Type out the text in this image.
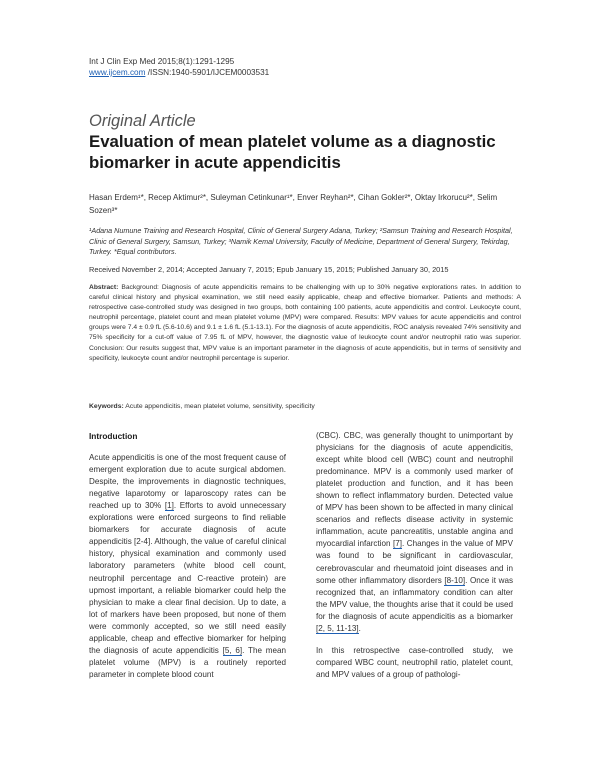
Int J Clin Exp Med 2015;8(1):1291-1295
www.ijcem.com /ISSN:1940-5901/IJCEM0003531
Original Article
Evaluation of mean platelet volume as a diagnostic biomarker in acute appendicitis
Hasan Erdem¹*, Recep Aktimur²*, Suleyman Cetinkunar¹*, Enver Reyhan²*, Cihan Gokler²*, Oktay Irkorucu²*, Selim Sozen³*
¹Adana Numune Training and Research Hospital, Clinic of General Surgery Adana, Turkey; ²Samsun Training and Research Hospital, Clinic of General Surgery, Samsun, Turkey; ³Namik Kemal University, Faculty of Medicine, Department of General Surgery, Tekirdag, Turkey. *Equal contributors.
Received November 2, 2014; Accepted January 7, 2015; Epub January 15, 2015; Published January 30, 2015
Abstract: Background: Diagnosis of acute appendicitis remains to be challenging with up to 30% negative explorations rates. In addition to careful clinical history and physical examination, we still need easily applicable, cheap and effective biomarker. Patients and methods: A retrospective case-controlled study was designed in two groups, both containing 100 patients, acute appendicitis and control. Leukocyte count, neutrophil percentage, platelet count and mean platelet volume (MPV) were compared. Results: MPV values for acute appendicitis and control groups were 7.4 ± 0.9 fL (5.6-10.6) and 9.1 ± 1.6 fL (5.1-13.1). For the diagnosis of acute appendicitis, ROC analysis revealed 74% sensitivity and 75% specificity for a cut-off value of 7.95 fL of MPV, however, the diagnostic value of leukocyte count and/or neutrophil ratio was superior. Conclusion: Our results suggest that, MPV value is an important parameter in the diagnosis of acute appendicitis, but in terms of sensitivity and specificity, leukocyte count and/or neutrophil percentage is superior.
Keywords: Acute appendicitis, mean platelet volume, sensitivity, specificity
Introduction

Acute appendicitis is one of the most frequent cause of emergent exploration due to acute surgical abdomen. Despite, the improvements in diagnostic techniques, negative laparotomy or laparoscopy rates can be reached up to 30% [1]. Efforts to avoid unnecessary explorations were enforced surgeons to find reliable biomarkers for accurate diagnosis of acute appendicitis [2-4]. Although, the value of careful clinical history, physical examination and commonly used laboratory parameters (white blood cell count, neutrophil percentage and C-reactive protein) are upmost important, a reliable biomarker could help the physician to make a clear final decision. Up to date, a lot of markers have been proposed, but none of them were commonly accepted, so we still need easily applicable, cheap and effective biomarker for helping the diagnosis of acute appendicitis [5, 6]. The mean platelet volume (MPV) is a routinely reported parameter in complete blood count

(CBC). CBC, was generally thought to unimportant by physicians for the diagnosis of acute appendicitis, except white blood cell (WBC) count and neutrophil predominance. MPV is a commonly used marker of platelet production and function, and it has been shown to reflect inflammatory burden. Detected value of MPV has been shown to be affected in many clinical scenarios and reflects disease activity in systemic inflammation, acute pancreatitis, unstable angina and myocardial infarction [7]. Changes in the value of MPV was found to be significant in cardiovascular, cerebrovascular and rheumatoid joint diseases and in some other inflammatory disorders [8-10]. Once it was recognized that, an inflammatory condition can alter the MPV value, the thoughts arise that it could be used for the diagnosis of acute appendicitis as a biomarker [2, 5, 11-13].

In this retrospective case-controlled study, we compared WBC count, neutrophil ratio, platelet count, and MPV values of a group of pathologi-
